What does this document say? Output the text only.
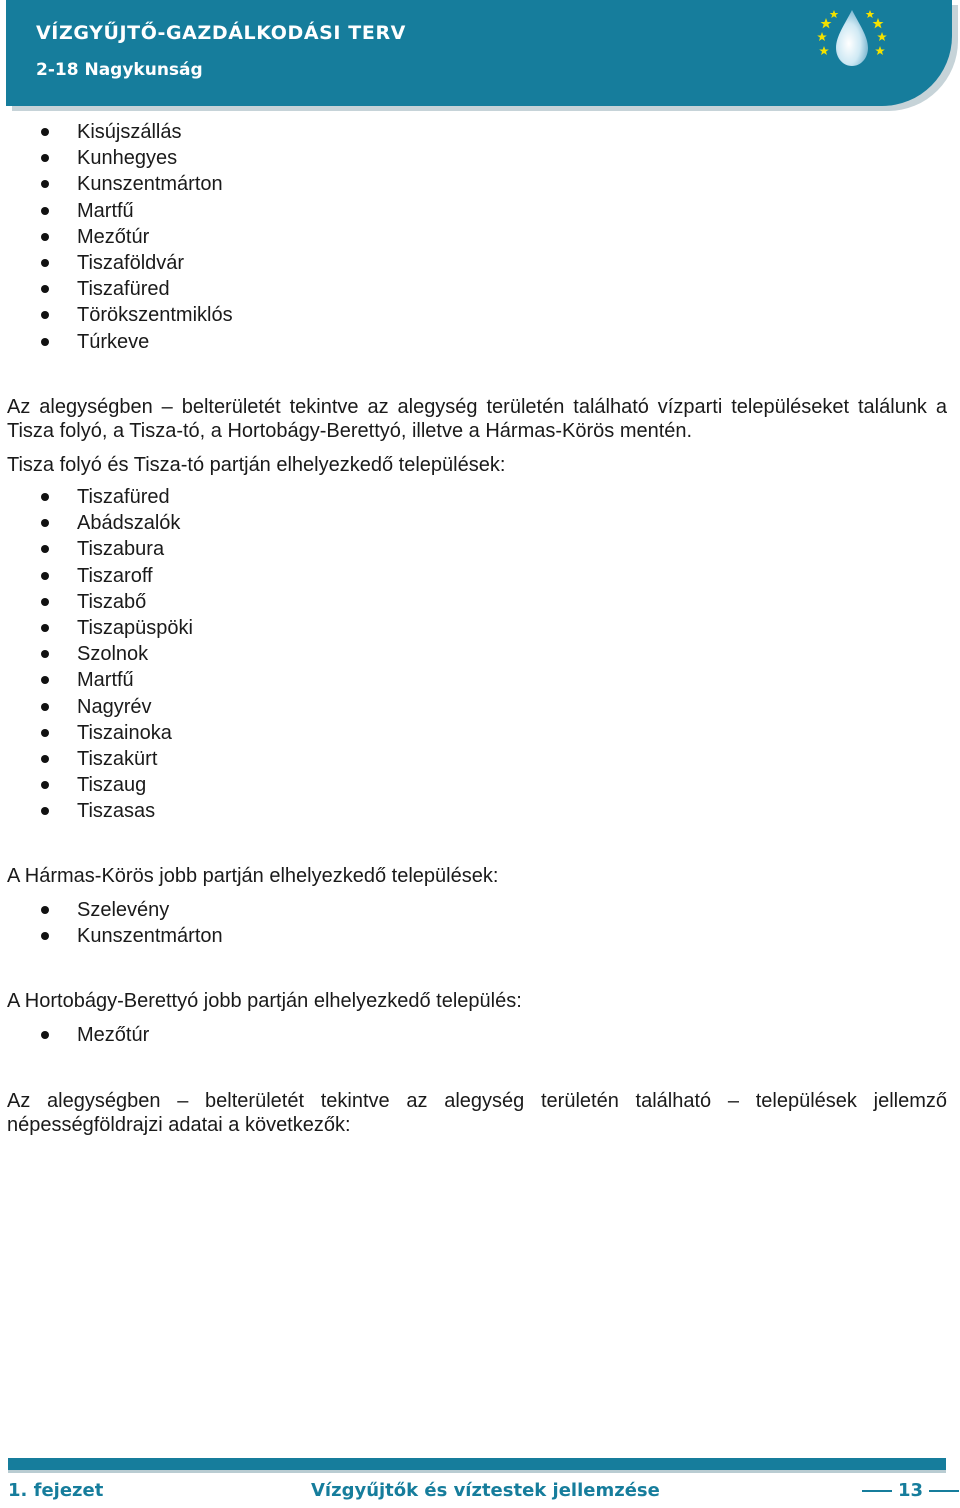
VÍZGYŰJTŐ-GAZDÁLKODÁSI TERV
2-18 Nagykunság
Kisújszállás
Kunhegyes
Kunszentmárton
Martfű
Mezőtúr
Tiszaföldvár
Tiszafüred
Törökszentmiklós
Túrkeve

Az alegységben – belterületét tekintve az alegység területén található vízparti településeket találunk a Tisza folyó, a Tisza-tó, a Hortobágy-Berettyó, illetve a Hármas-Körös mentén.

Tisza folyó és Tisza-tó partján elhelyezkedő települések:

Tiszafüred
Abádszalók
Tiszabura
Tiszaroff
Tiszabő
Tiszapüspöki
Szolnok
Martfű
Nagyrév
Tiszainoka
Tiszakürt
Tiszaug
Tiszasas

A Hármas-Körös jobb partján elhelyezkedő települések:

Szelevény
Kunszentmárton

A Hortobágy-Berettyó jobb partján elhelyezkedő település:

Mezőtúr

Az alegységben – belterületét tekintve az alegység területén található – települések jellemző népességföldrajzi adatai a következők:

1. fejezet	Vízgyűjtők és víztestek jellemzése	13
